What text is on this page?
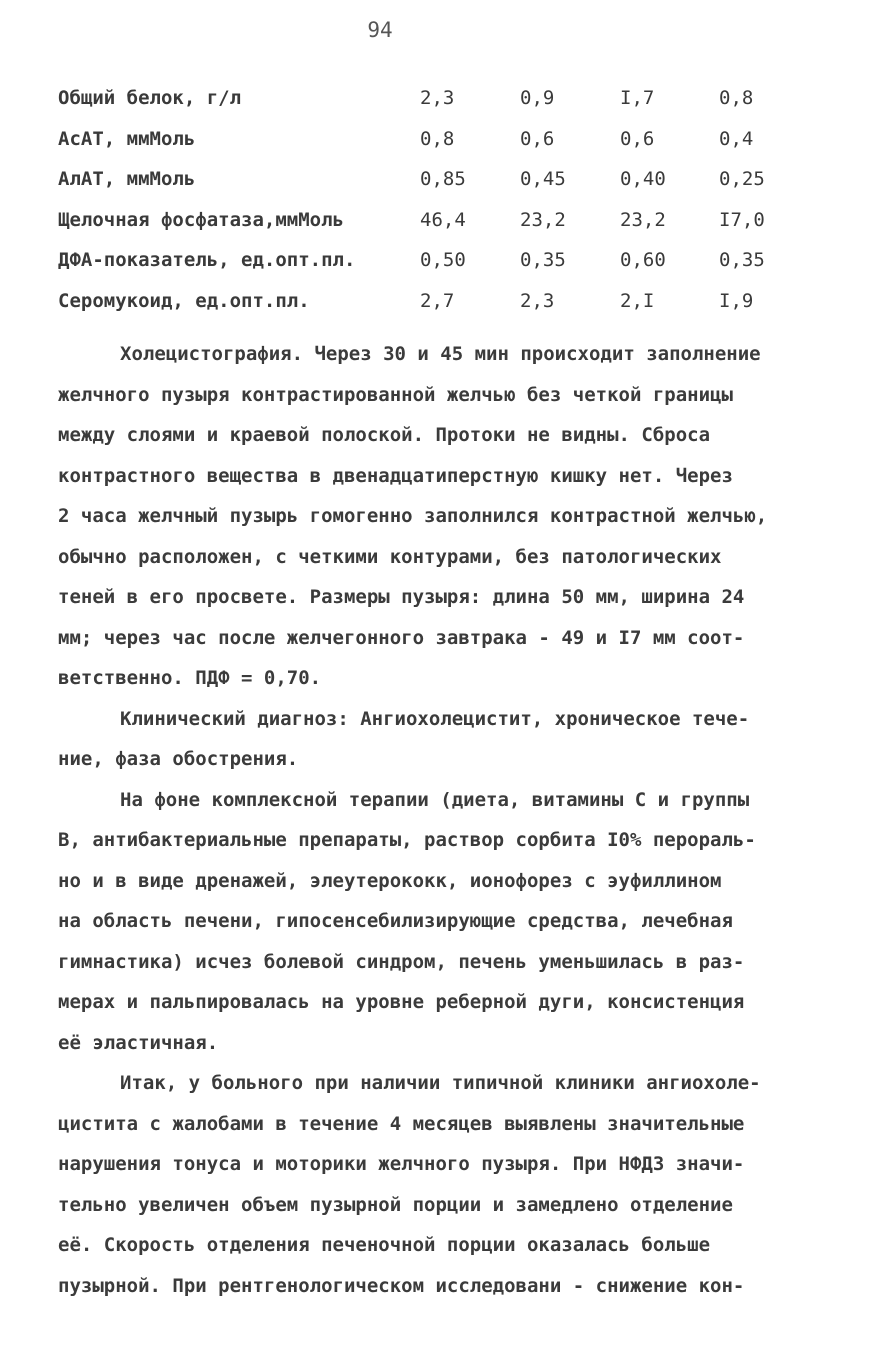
94
Общий белок, г/л	2,3	0,9	I,7	0,8
АсАТ, ммМоль	0,8	0,6	0,6	0,4
АлАТ, ммМоль	0,85	0,45	0,40	0,25
Щелочная фосфатаза,ммМоль	46,4	23,2	23,2	I7,0
ДФА-показатель, ед.опт.пл.	0,50	0,35	0,60	0,35
Серомукоид, ед.опт.пл.	2,7	2,3	2,I	I,9
Холецистография. Через 30 и 45 мин происходит заполнение
желчного пузыря контрастированной желчью без четкой границы
между слоями и краевой полоской. Протоки не видны. Сброса
контрастного вещества в двенадцатиперстную кишку нет. Через
2 часа желчный пузырь гомогенно заполнился контрастной желчью,
обычно расположен, с четкими контурами, без патологических
теней в его просвете. Размеры пузыря: длина 50 мм, ширина 24
мм; через час после желчегонного завтрака - 49 и I7 мм соот-
ветственно. ПДФ = 0,70.
Клинический диагноз: Ангиохолецистит, хроническое тече-
ние, фаза обострения.
На фоне комплексной терапии (диета, витамины С и группы
В, антибактериальные препараты, раствор сорбита I0% перораль-
но и в виде дренажей, элеутерококк, ионофорез с эуфиллином
на область печени, гипосенсебилизирующие средства, лечебная
гимнастика) исчез болевой синдром, печень уменьшилась в раз-
мерах и пальпировалась на уровне реберной дуги, консистенция
её эластичная.
Итак, у больного при наличии типичной клиники ангиохоле-
цистита с жалобами в течение 4 месяцев выявлены значительные
нарушения тонуса и моторики желчного пузыря. При НФДЗ значи-
тельно увеличен объем пузырной порции и замедлено отделение
её. Скорость отделения печеночной порции оказалась больше
пузырной. При рентгенологическом исследовани - снижение кон-
